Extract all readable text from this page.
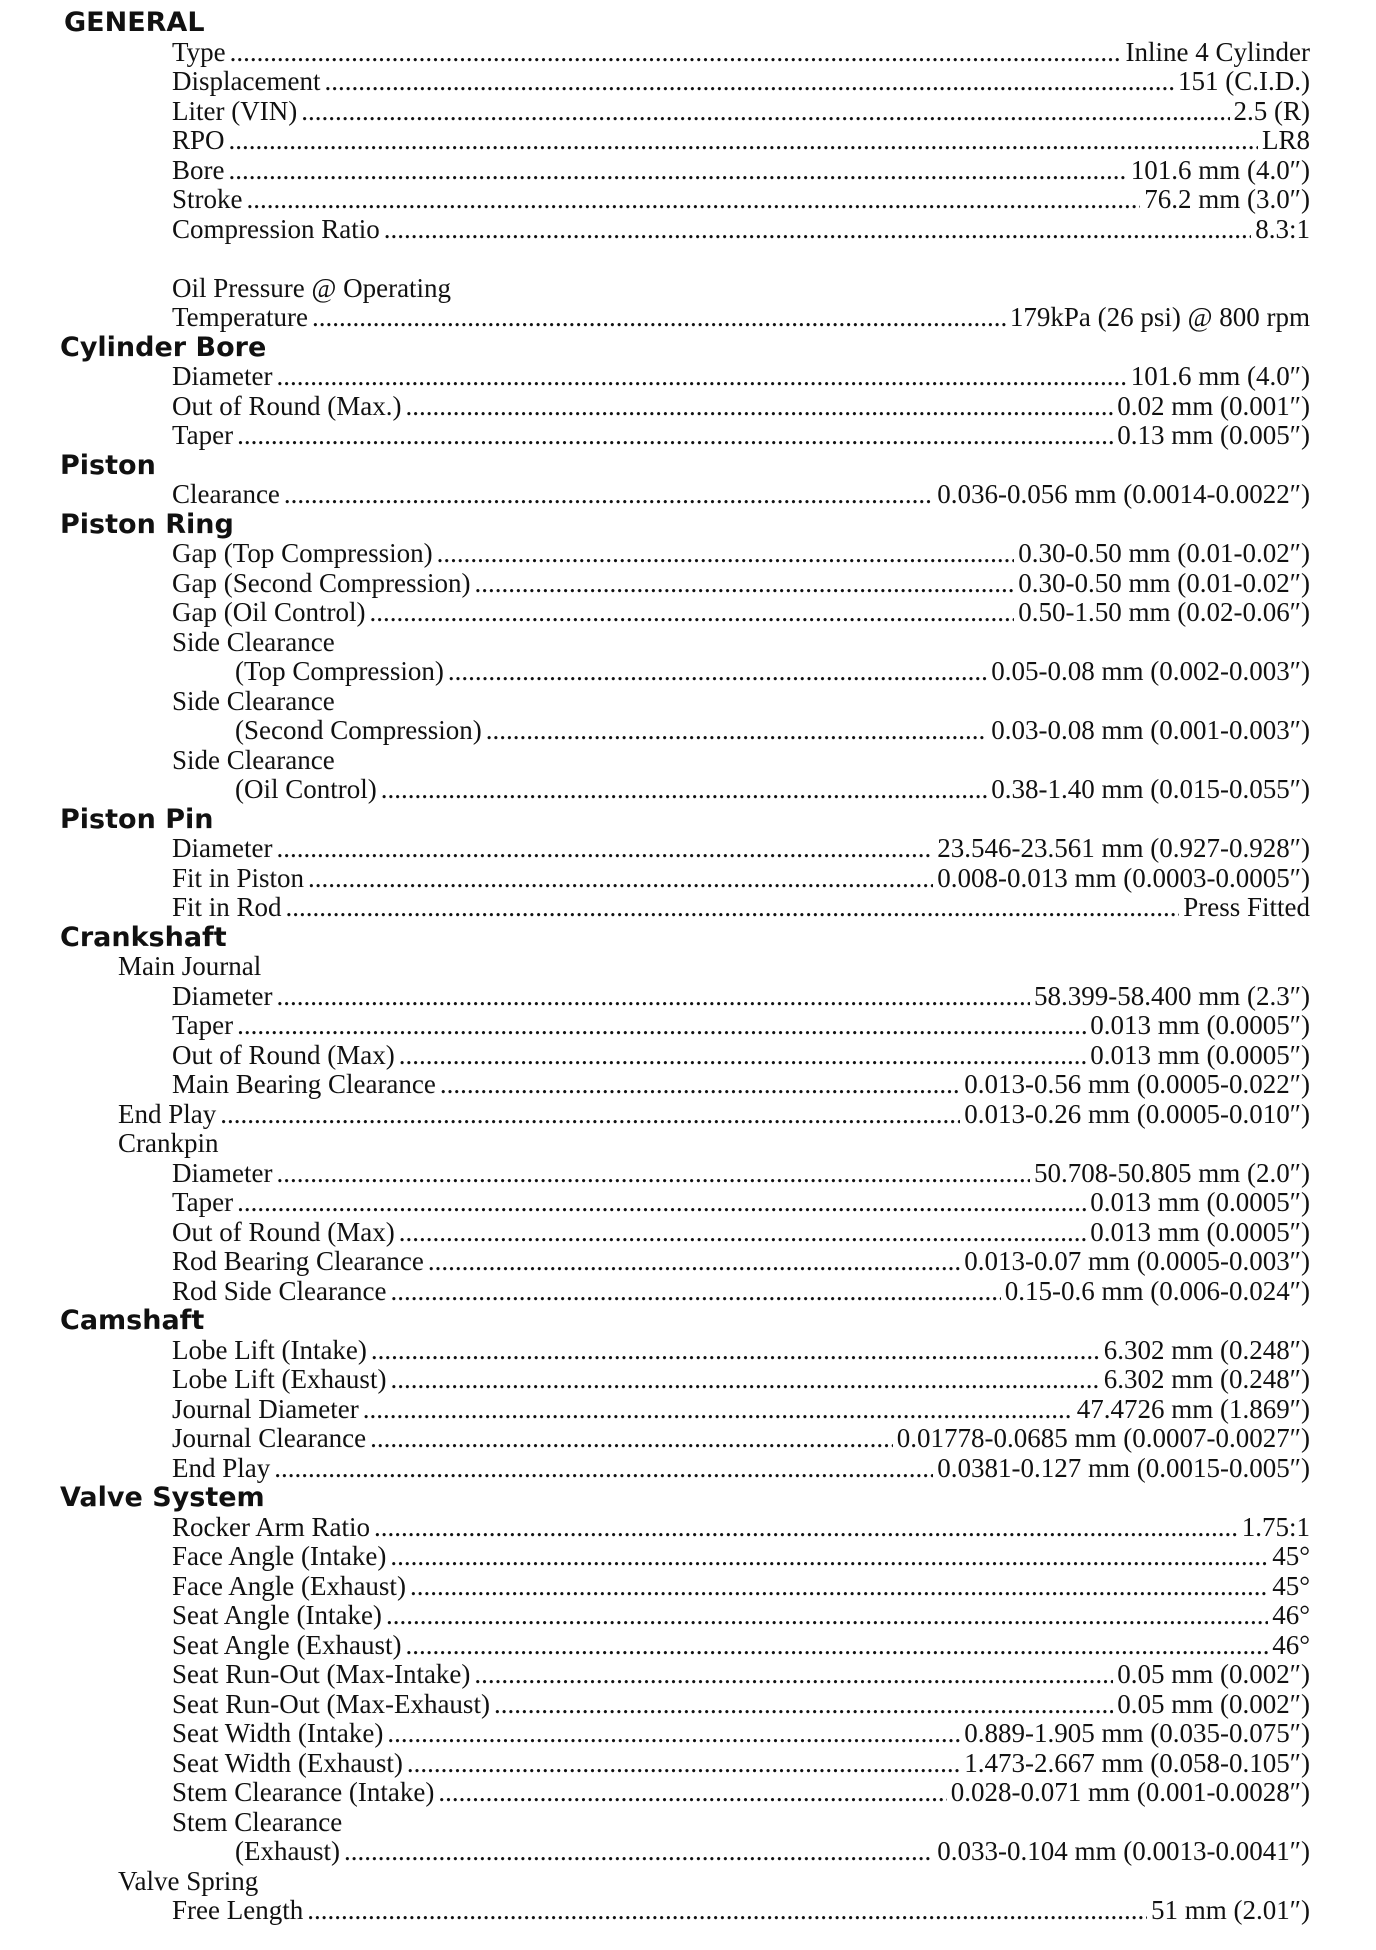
GENERAL
Type .....	Inline 4 Cylinder
Displacement .....	151 (C.I.D.)
Liter (VIN) .....	2.5 (R)
RPO .....	LR8
Bore .....	101.6 mm (4.0″)
Stroke .....	76.2 mm (3.0″)
Compression Ratio .....	8.3:1
Oil Pressure @ Operating
Temperature .....	179kPa (26 psi) @ 800 rpm
Cylinder Bore
Diameter .....	101.6 mm (4.0″)
Out of Round (Max.) .....	0.02 mm (0.001″)
Taper .....	0.13 mm (0.005″)
Piston
Clearance .....	0.036-0.056 mm (0.0014-0.0022″)
Piston Ring
Gap (Top Compression) .....	0.30-0.50 mm (0.01-0.02″)
Gap (Second Compression) .....	0.30-0.50 mm (0.01-0.02″)
Gap (Oil Control) .....	0.50-1.50 mm (0.02-0.06″)
Side Clearance
(Top Compression) .....	0.05-0.08 mm (0.002-0.003″)
Side Clearance
(Second Compression) .....	0.03-0.08 mm (0.001-0.003″)
Side Clearance
(Oil Control) .....	0.38-1.40 mm (0.015-0.055″)
Piston Pin
Diameter .....	23.546-23.561 mm (0.927-0.928″)
Fit in Piston .....	0.008-0.013 mm (0.0003-0.0005″)
Fit in Rod .....	Press Fitted
Crankshaft
Main Journal
Diameter .....	58.399-58.400 mm (2.3″)
Taper .....	0.013 mm (0.0005″)
Out of Round (Max) .....	0.013 mm (0.0005″)
Main Bearing Clearance .....	0.013-0.56 mm (0.0005-0.022″)
End Play .....	0.013-0.26 mm (0.0005-0.010″)
Crankpin
Diameter .....	50.708-50.805 mm (2.0″)
Taper .....	0.013 mm (0.0005″)
Out of Round (Max) .....	0.013 mm (0.0005″)
Rod Bearing Clearance .....	0.013-0.07 mm (0.0005-0.003″)
Rod Side Clearance .....	0.15-0.6 mm (0.006-0.024″)
Camshaft
Lobe Lift (Intake) .....	6.302 mm (0.248″)
Lobe Lift (Exhaust) .....	6.302 mm (0.248″)
Journal Diameter .....	47.4726 mm (1.869″)
Journal Clearance .....	0.01778-0.0685 mm (0.0007-0.0027″)
End Play .....	0.0381-0.127 mm (0.0015-0.005″)
Valve System
Rocker Arm Ratio .....	1.75:1
Face Angle (Intake) .....	45°
Face Angle (Exhaust) .....	45°
Seat Angle (Intake) .....	46°
Seat Angle (Exhaust) .....	46°
Seat Run-Out (Max-Intake) .....	0.05 mm (0.002″)
Seat Run-Out (Max-Exhaust) .....	0.05 mm (0.002″)
Seat Width (Intake) .....	0.889-1.905 mm (0.035-0.075″)
Seat Width (Exhaust) .....	1.473-2.667 mm (0.058-0.105″)
Stem Clearance (Intake) .....	0.028-0.071 mm (0.001-0.0028″)
Stem Clearance
(Exhaust) .....	0.033-0.104 mm (0.0013-0.0041″)
Valve Spring
Free Length .....	51 mm (2.01″)
